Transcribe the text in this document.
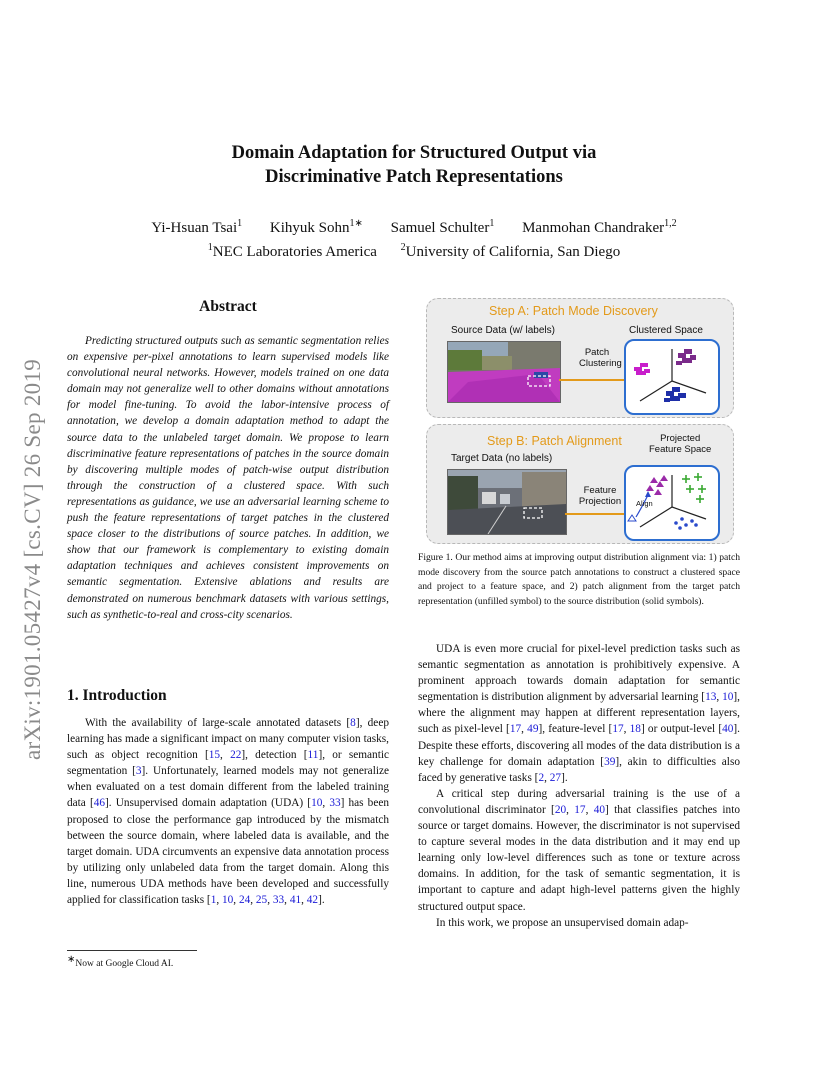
arXiv:1901.05427v4 [cs.CV] 26 Sep 2019
Domain Adaptation for Structured Output via
Discriminative Patch Representations
Yi-Hsuan Tsai$^1$ Kihyuk Sohn$^{1∗}$ Samuel Schulter$^1$ Manmohan Chandraker$^{1,2}$
$^1$NEC Laboratories America $^2$University of California, San Diego
Abstract

Predicting structured outputs such as semantic segmentation relies on expensive per-pixel annotations to learn supervised models like convolutional neural networks. However, models trained on one data domain may not generalize well to other domains without annotations for model fine-tuning. To avoid the labor-intensive process of annotation, we develop a domain adaptation method to adapt the source data to the unlabeled target domain. We propose to learn discriminative feature representations of patches in the source domain by discovering multiple modes of patch-wise output distribution through the construction of a clustered space. With such representations as guidance, we use an adversarial learning scheme to push the feature representations of target patches in the clustered space closer to the distributions of source patches. In addition, we show that our framework is complementary to existing domain adaptation techniques and achieves consistent improvements on semantic segmentation. Extensive ablations and results are demonstrated on numerous benchmark datasets with various settings, such as synthetic-to-real and cross-city scenarios.

1. Introduction

With the availability of large-scale annotated datasets [8], deep learning has made a significant impact on many computer vision tasks, such as object recognition [15, 22], detection [11], or semantic segmentation [3]. Unfortunately, learned models may not generalize when evaluated on a test domain different from the labeled training data [46]. Unsupervised domain adaptation (UDA) [10, 33] has been proposed to close the performance gap introduced by the mismatch between the source domain, where labeled data is available, and the target domain. UDA circumvents an expensive data annotation process by utilizing only unlabeled data from the target domain. Along this line, numerous UDA methods have been developed and successfully applied for classification tasks [1, 10, 24, 25, 33, 41, 42].

∗Now at Google Cloud AI.
Step A: Patch Mode Discovery
Source Data (w/ labels)	Clustered Space
Patch
Clustering
Step B: Patch Alignment	Projected
Feature Space
Target Data (no labels)
Feature
Projection	Align
Figure 1. Our method aims at improving output distribution alignment via: 1) patch mode discovery from the source patch annotations to construct a clustered space and project to a feature space, and 2) patch alignment from the target patch representation (unfilled symbol) to the source distribution (solid symbols).

UDA is even more crucial for pixel-level prediction tasks such as semantic segmentation as annotation is prohibitively expensive. A prominent approach towards domain adaptation for semantic segmentation is distribution alignment by adversarial learning [13, 10], where the alignment may happen at different representation layers, such as pixel-level [17, 49], feature-level [17, 18] or output-level [40]. Despite these efforts, discovering all modes of the data distribution is a key challenge for domain adaptation [39], akin to difficulties also faced by generative tasks [2, 27].

A critical step during adversarial training is the use of a convolutional discriminator [20, 17, 40] that classifies patches into source or target domains. However, the discriminator is not supervised to capture several modes in the data distribution and it may end up learning only low-level differences such as tone or texture across domains. In addition, for the task of semantic segmentation, it is important to capture and adapt high-level patterns given the highly structured output space.

In this work, we propose an unsupervised domain adap-
